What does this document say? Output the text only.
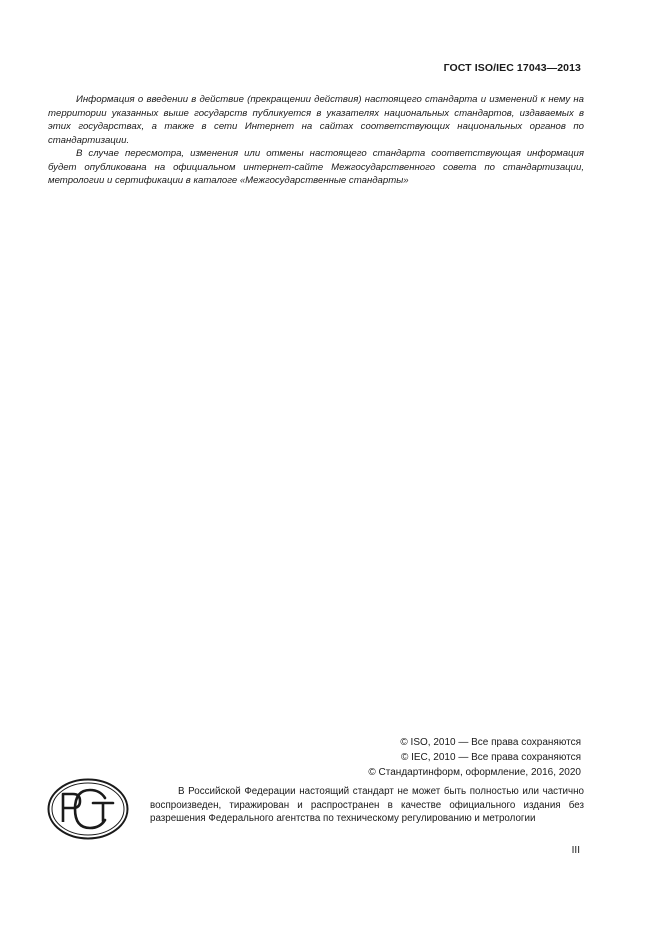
ГОСТ ISO/IEC 17043—2013

Информация о введении в действие (прекращении действия) настоящего стандарта и изменений к нему на территории указанных выше государств публикуется в указателях национальных стандартов, издаваемых в этих государствах, а также в сети Интернет на сайтах соответствующих национальных органов по стандартизации.

В случае пересмотра, изменения или отмены настоящего стандарта соответствующая информация будет опубликована на официальном интернет-сайте Межгосударственного совета по стандартизации, метрологии и сертификации в каталоге «Межгосударственные стандарты»

© ISO, 2010 — Все права сохраняются
© IEC, 2010 — Все права сохраняются
© Стандартинформ, оформление, 2016, 2020
В Российской Федерации настоящий стандарт не может быть полностью или частично воспроизведен, тиражирован и распространен в качестве официального издания без разрешения Федерального агентства по техническому регулированию и метрологии
III
